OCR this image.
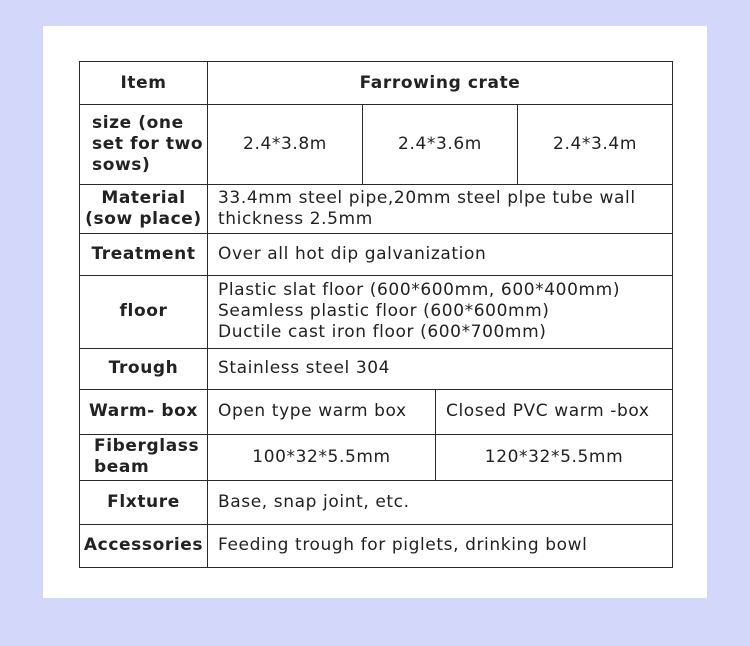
Item	Farrowing crate			
size (one set for two sows)	2.4*3.8m	2.4*3.6m		2.4*3.4m
Material (sow place)	33.4mm steel pipe,20mm steel plpe tube wall thickness 2.5mm			
Treatment	Over all hot dip galvanization			
floor	Plastic slat floor (600*600mm, 600*400mm)
Seamless plastic floor (600*600mm)
Ductile cast iron floor (600*700mm)			

Trough	Stainless steel 304			
Warm- box	Open type warm box		Closed PVC warm -box	
Fiberglass beam	100*32*5.5mm		120*32*5.5mm	
Flxture	Base, snap joint, etc.			
Accessories	Feeding trough for piglets, drinking bowl			
